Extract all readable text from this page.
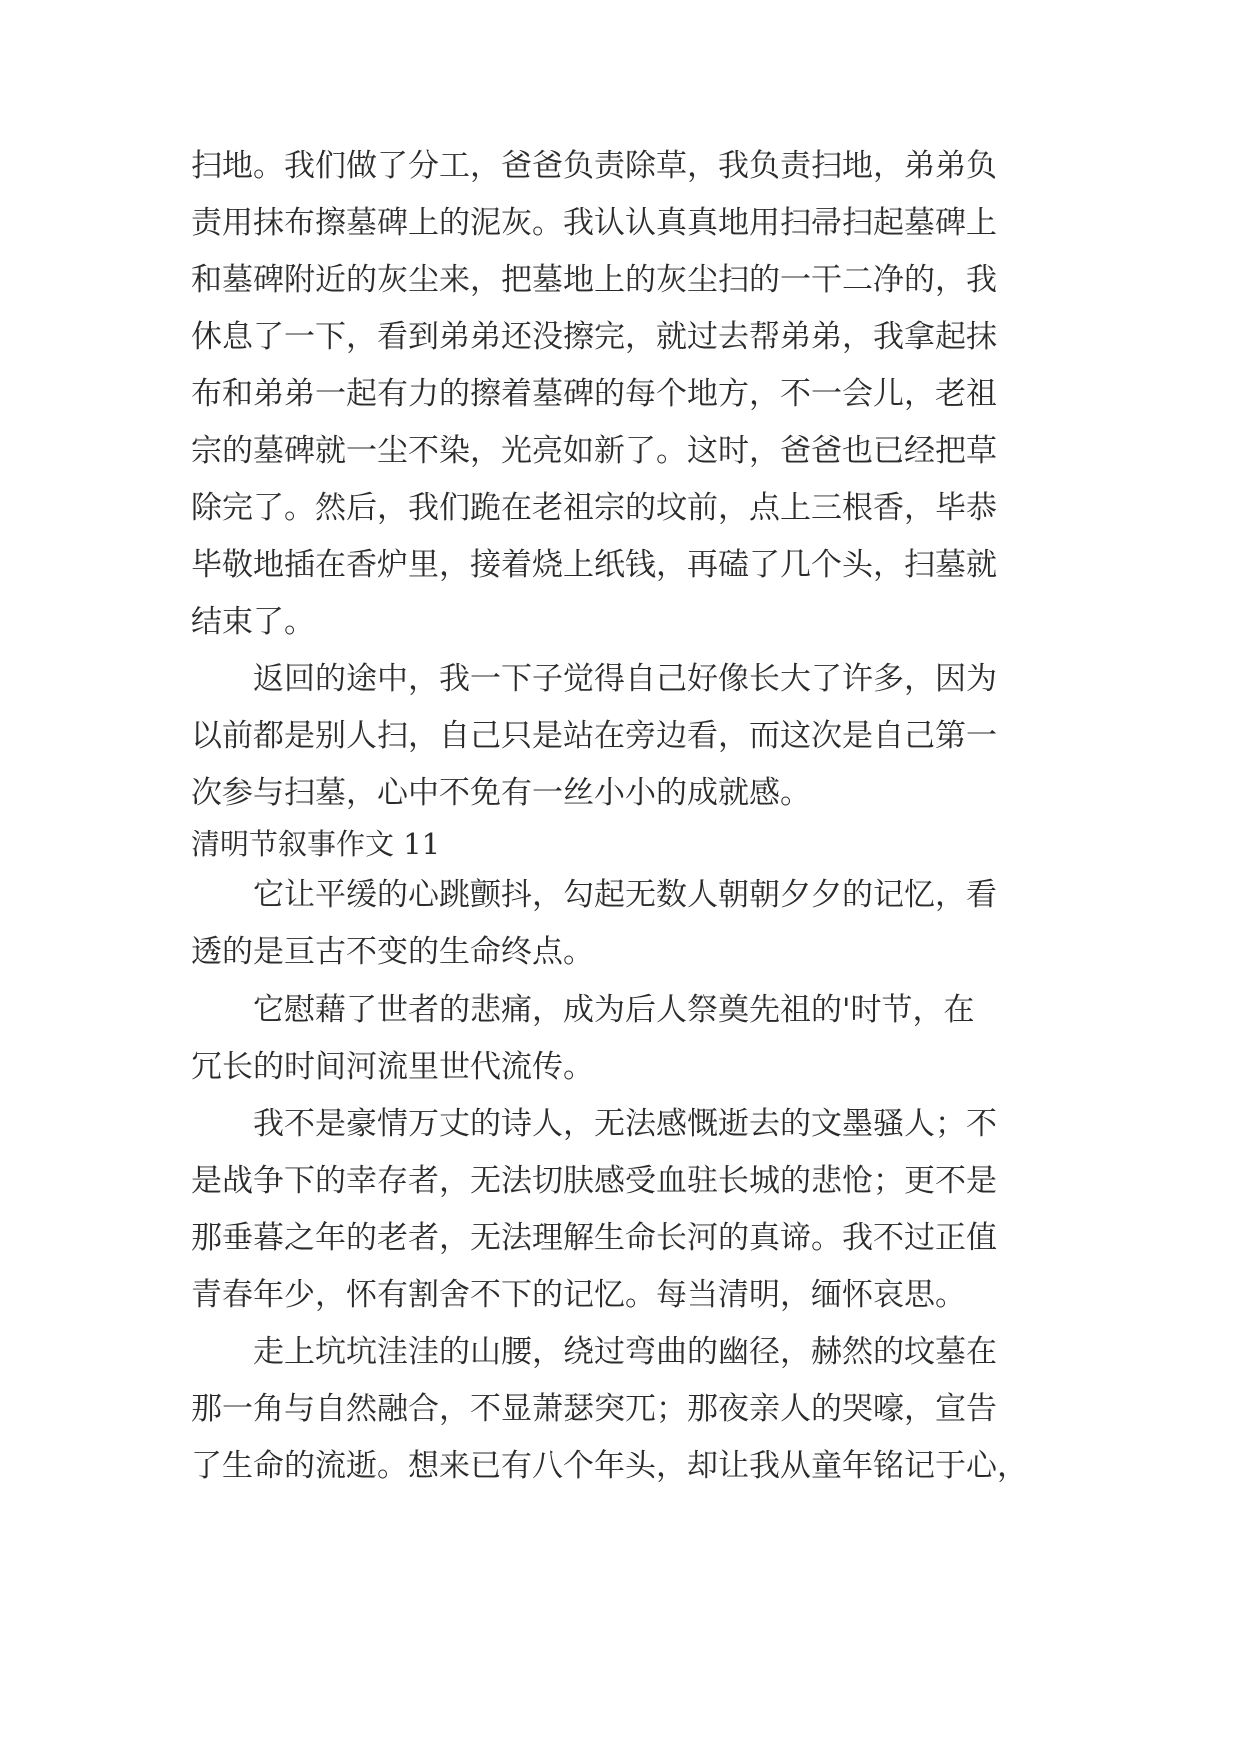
扫地。我们做了分工，爸爸负责除草，我负责扫地，弟弟负
责用抹布擦墓碑上的泥灰。我认认真真地用扫帚扫起墓碑上
和墓碑附近的灰尘来，把墓地上的灰尘扫的一干二净的，我
休息了一下，看到弟弟还没擦完，就过去帮弟弟，我拿起抹
布和弟弟一起有力的擦着墓碑的每个地方，不一会儿，老祖
宗的墓碑就一尘不染，光亮如新了。这时，爸爸也已经把草
除完了。然后，我们跪在老祖宗的坟前，点上三根香，毕恭
毕敬地插在香炉里，接着烧上纸钱，再磕了几个头，扫墓就
结束了。
　　返回的途中，我一下子觉得自己好像长大了许多，因为
以前都是别人扫，自己只是站在旁边看，而这次是自己第一
次参与扫墓，心中不免有一丝小小的成就感。
清明节叙事作文 11
　　它让平缓的心跳颤抖，勾起无数人朝朝夕夕的记忆，看
透的是亘古不变的生命终点。
　　它慰藉了世者的悲痛，成为后人祭奠先祖的'时节，在
冗长的时间河流里世代流传。
　　我不是豪情万丈的诗人，无法感慨逝去的文墨骚人；不
是战争下的幸存者，无法切肤感受血驻长城的悲怆；更不是
那垂暮之年的老者，无法理解生命长河的真谛。我不过正值
青春年少，怀有割舍不下的记忆。每当清明，缅怀哀思。
　　走上坑坑洼洼的山腰，绕过弯曲的幽径，赫然的坟墓在
那一角与自然融合，不显萧瑟突兀；那夜亲人的哭嚎，宣告
了生命的流逝。想来已有八个年头，却让我从童年铭记于心，
